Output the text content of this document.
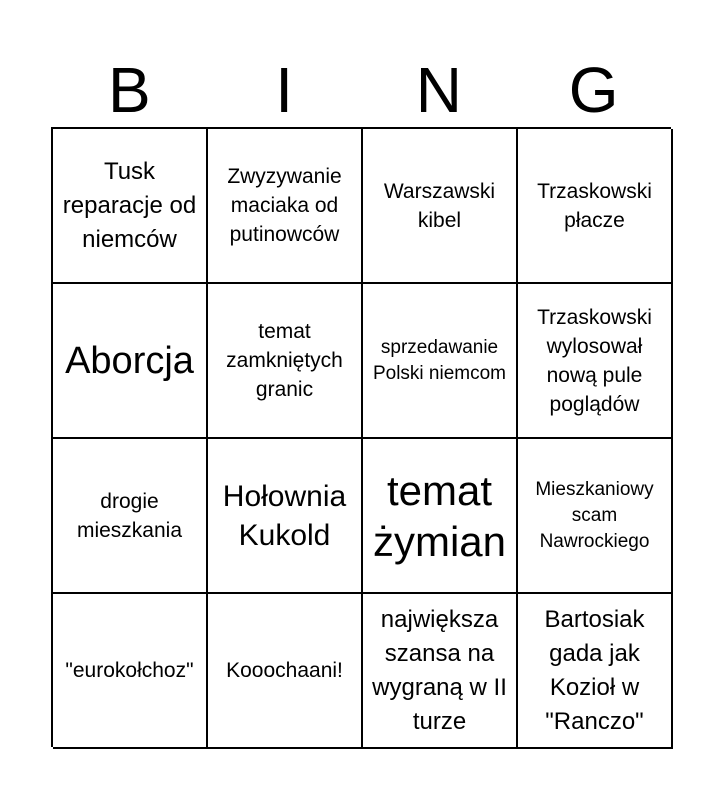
B	I	N	G
Tusk reparacje od niemców
Zwyzywanie maciaka od putinowców
Warszawski kibel
Trzaskowski płacze
Aborcja
temat zamkniętych granic
sprzedawanie Polski niemcom
Trzaskowski wylosował nową pule poglądów
drogie mieszkania
Hołownia Kukold
temat żymian
Mieszkaniowy scam Nawrockiego
"eurokołchoz"	Kooochaani!
największa szansa na wygraną w II turze
Bartosiak gada jak Kozioł w "Ranczo"
